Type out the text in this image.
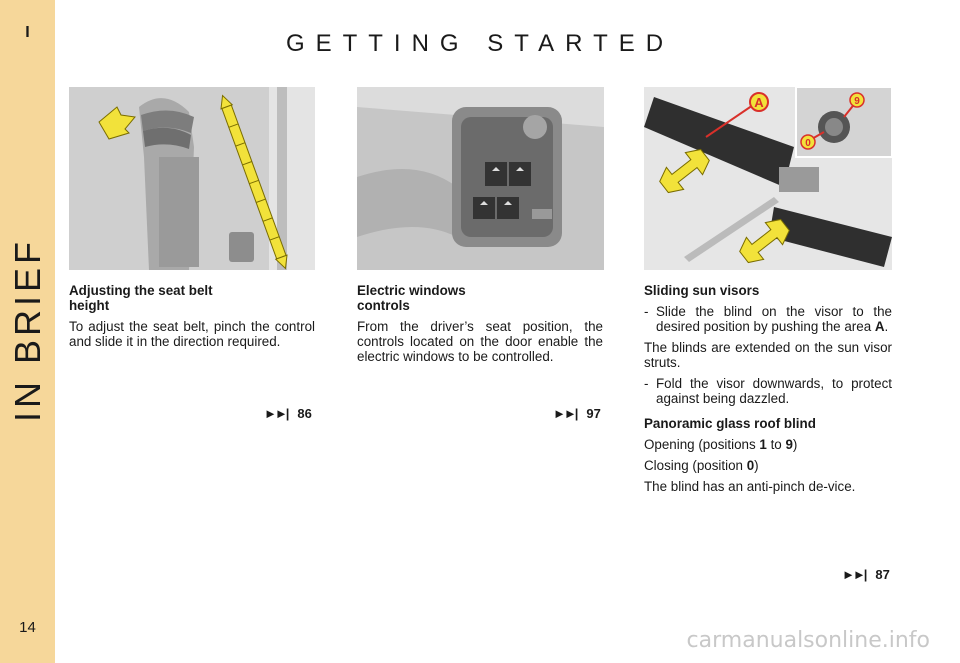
I
IN BRIEF
14
GETTING STARTED
A	9
0
Adjusting the seat belt height

To adjust the seat belt, pinch the control and slide it in the direction required.

►►| 86
Electric windows controls

From the driver’s seat position, the controls located on the door enable the electric windows to be controlled.

►►| 97
Sliding sun visors
- Slide the blind on the visor to the desired position by pushing the area A.

The blinds are extended on the sun visor struts.

- Fold the visor downwards, to protect against being dazzled.
Panoramic glass roof blind

Opening (positions 1 to 9)

Closing (position 0)

The blind has an anti-pinch de-vice.

►►| 87
carmanualsonline.info
